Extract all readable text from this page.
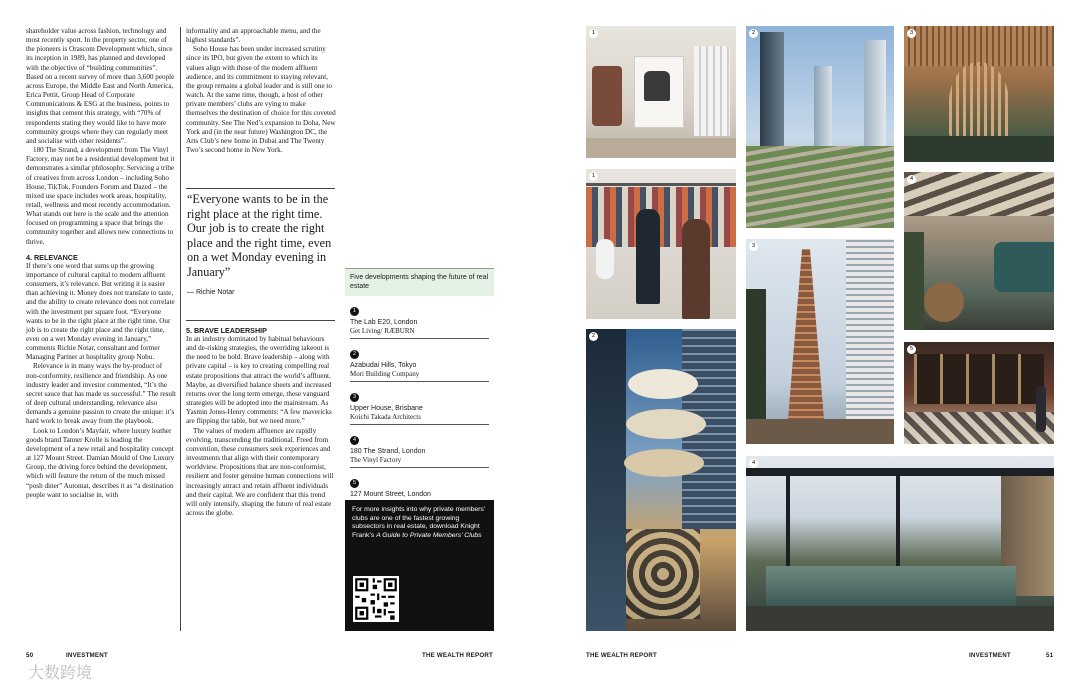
shareholder value across fashion, technology and most recently sport. In the property sector, one of the pioneers is Orascom Development which, since its inception in 1989, has planned and developed with the objective of “building communities”. Based on a recent survey of more than 3,600 people across Europe, the Middle East and North America, Erica Pettit, Group Head of Corporate Communications & ESG at the business, points to insights that cement this strategy, with “70% of respondents stating they would like to have more community groups where they can regularly meet and socialise with other residents”.

180 The Strand, a development from The Vinyl Factory, may not be a residential development but it demonstrates a similar philosophy. Servicing a tribe of creatives from across London – including Soho House, TikTok, Founders Forum and Dazed – the mixed use space includes work areas, hospitality, retail, wellness and most recently accommodation. What stands out here is the scale and the attention focused on programming a space that brings the community together and allows new connections to thrive.

4. RELEVANCE

If there’s one word that sums up the growing importance of cultural capital to modern affluent consumers, it’s relevance. But writing it is easier than achieving it. Money does not translate to taste, and the ability to create relevance does not correlate with the investment per square foot. “Everyone wants to be in the right place at the right time. Our job is to create the right place and the right time, even on a wet Monday evening in January,” comments Richie Notar, consultant and former Managing Partner at hospitality group Nobu.

Relevance is in many ways the by-product of non-conformity, resilience and friendship. As one industry leader and investor commented, “It’s the secret sauce that has made us successful.” The result of deep cultural understanding, relevance also demands a genuine passion to create the unique: it’s hard work to break away from the playbook.

Look to London’s Mayfair, where luxury leather goods brand Tanner Krolle is leading the development of a new retail and hospitality concept at 127 Mount Street. Damian Mould of One Luxury Group, the driving force behind the development, which will feature the return of the much missed “posh diner” Automat, describes it as “a destination people want to socialise in, with

informality and an approachable menu, and the highest standards”.

Soho House has been under increased scrutiny since its IPO, but given the extent to which its values align with those of the modern affluent audience, and its commitment to staying relevant, the group remains a global leader and is still one to watch. At the same time, though, a host of other private members’ clubs are vying to make themselves the destination of choice for this coveted community. See The Ned’s expansion to Doha, New York and (in the near future) Washington DC, the Arts Club’s new home in Dubai and The Twenty Two’s second home in New York.

“Everyone wants to be in the right place at the right time. Our job is to create the right place and the right time, even on a wet Monday evening in January”
— Richie Notar
5. BRAVE LEADERSHIP

In an industry dominated by habitual behaviours and de-risking strategies, the overriding takeout is the need to be bold. Brave leadership – along with private capital – is key to creating compelling real estate propositions that attract the world’s affluent. Maybe, as diversified balance sheets and increased returns over the long term emerge, these vanguard strategies will be adopted into the mainstream. As Yasmin Jones-Henry comments: “A few mavericks are flipping the table, but we need more.”

The values of modern affluence are rapidly evolving, transcending the traditional. Freed from convention, these consumers seek experiences and investments that align with their contemporary worldview. Propositions that are non-conformist, resilient and foster genuine human connections will increasingly attract and retain affluent individuals and their capital. We are confident that this trend will only intensify, shaping the future of real estate across the globe.

Five developments shaping the future of real estate
1
The Lab E20, London
Get Living/ RÆBURN
2
Azabudai Hills, Tokyo
Mori Building Company
3
Upper House, Brisbane
Koichi Takada Architects
4
180 The Strand, London
The Vinyl Factory
5
127 Mount Street, London

For more insights into why private members’ clubs are one of the fastest growing subsectors in real estate, download Knight Frank’s A Guide to Private Members’ Clubs

50	INVESTMENT	THE WEALTH REPORT
大数跨境
1
1
2
2
3
4
3
4
5
THE WEALTH REPORT	INVESTMENT	51
